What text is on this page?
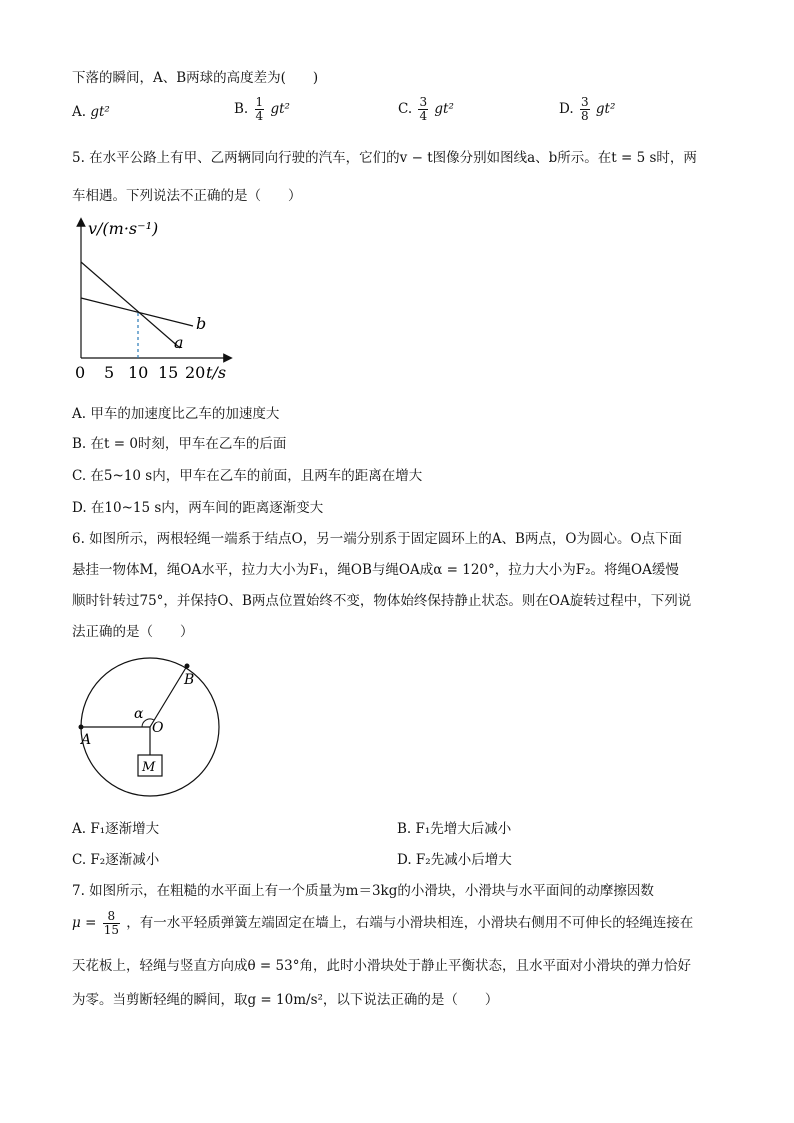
下落的瞬间，A、B两球的高度差为(　　)
A. gt²	B. $\frac{1}{4} gt^2$	C. $\frac{3}{4} gt^2$	D. $\frac{3}{8} gt^2$
5. 在水平公路上有甲、乙两辆同向行驶的汽车，它们的v − t图像分别如图线a、b所示。在t = 5 s时，两
车相遇。下列说法不正确的是（　　）
v/(m·s⁻¹)
b
a
0 5 10 15 20 t/s
A. 甲车的加速度比乙车的加速度大
B. 在t = 0时刻，甲车在乙车的后面
C. 在5~10 s内，甲车在乙车的前面，且两车的距离在增大
D. 在10~15 s内，两车间的距离逐渐变大
6. 如图所示，两根轻绳一端系于结点O，另一端分别系于固定圆环上的A、B两点，O为圆心。O点下面
悬挂一物体M，绳OA水平，拉力大小为F₁，绳OB与绳OA成α = 120°，拉力大小为F₂。将绳OA缓慢
顺时针转过75°，并保持O、B两点位置始终不变，物体始终保持静止状态。则在OA旋转过程中，下列说
法正确的是（　　）
A
B
O
α
M
A. F₁逐渐增大	B. F₁先增大后减小
C. F₂逐渐减小	D. F₂先减小后增大
7. 如图所示，在粗糙的水平面上有一个质量为m＝3kg的小滑块，小滑块与水平面间的动摩擦因数
$\mu = \frac{8}{15}$ ，有一水平轻质弹簧左端固定在墙上，右端与小滑块相连，小滑块右侧用不可伸长的轻绳连接在
天花板上，轻绳与竖直方向成θ = 53°角，此时小滑块处于静止平衡状态，且水平面对小滑块的弹力恰好
为零。当剪断轻绳的瞬间，取g = 10m/s²，以下说法正确的是（　　）
